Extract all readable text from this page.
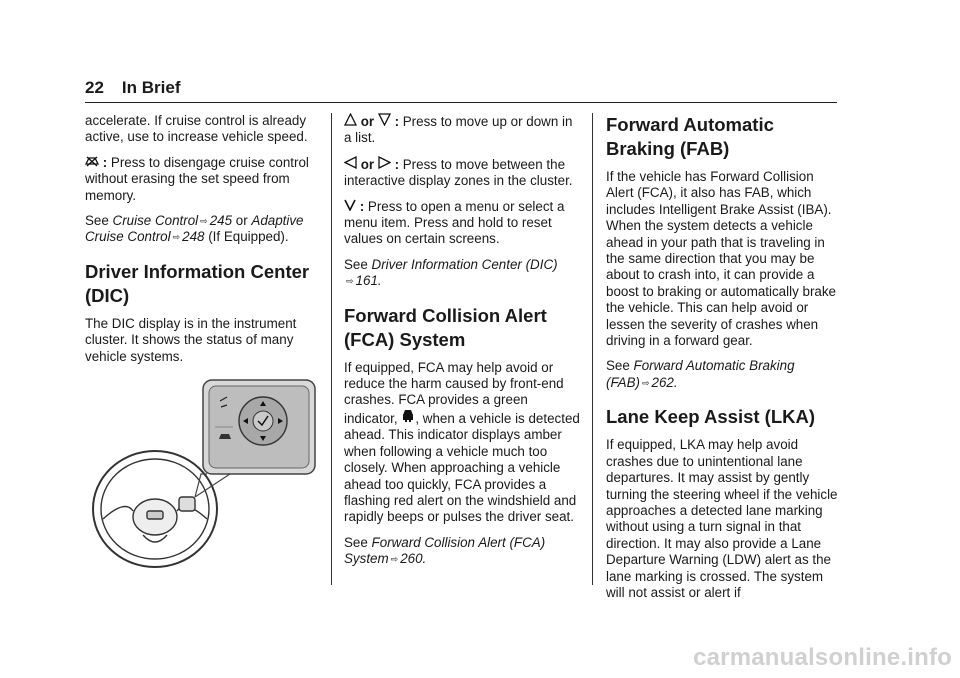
22 In Brief

accelerate. If cruise control is already active, use to increase vehicle speed.

: Press to disengage cruise control without erasing the set speed from memory.

See Cruise Control ⇨ 245 or Adaptive Cruise Control ⇨ 248 (If Equipped).

Driver Information Center (DIC)

The DIC display is in the instrument cluster. It shows the status of many vehicle systems.

or  : Press to move up or down in a list.

or  : Press to move between the interactive display zones in the cluster.

: Press to open a menu or select a menu item. Press and hold to reset values on certain screens.

See Driver Information Center (DIC)
⇨ 161.

Forward Collision Alert (FCA) System

If equipped, FCA may help avoid or reduce the harm caused by front-end crashes. FCA provides a green indicator, , when a vehicle is detected ahead. This indicator displays amber when following a vehicle much too closely. When approaching a vehicle ahead too quickly, FCA provides a flashing red alert on the windshield and rapidly beeps or pulses the driver seat.

See Forward Collision Alert (FCA) System ⇨ 260.

Forward Automatic Braking (FAB)

If the vehicle has Forward Collision Alert (FCA), it also has FAB, which includes Intelligent Brake Assist (IBA). When the system detects a vehicle ahead in your path that is traveling in the same direction that you may be about to crash into, it can provide a boost to braking or automatically brake the vehicle. This can help avoid or lessen the severity of crashes when driving in a forward gear.

See Forward Automatic Braking (FAB) ⇨ 262.

Lane Keep Assist (LKA)

If equipped, LKA may help avoid crashes due to unintentional lane departures. It may assist by gently turning the steering wheel if the vehicle approaches a detected lane marking without using a turn signal in that direction. It may also provide a Lane Departure Warning (LDW) alert as the lane marking is crossed. The system will not assist or alert if

carmanualsonline.info
